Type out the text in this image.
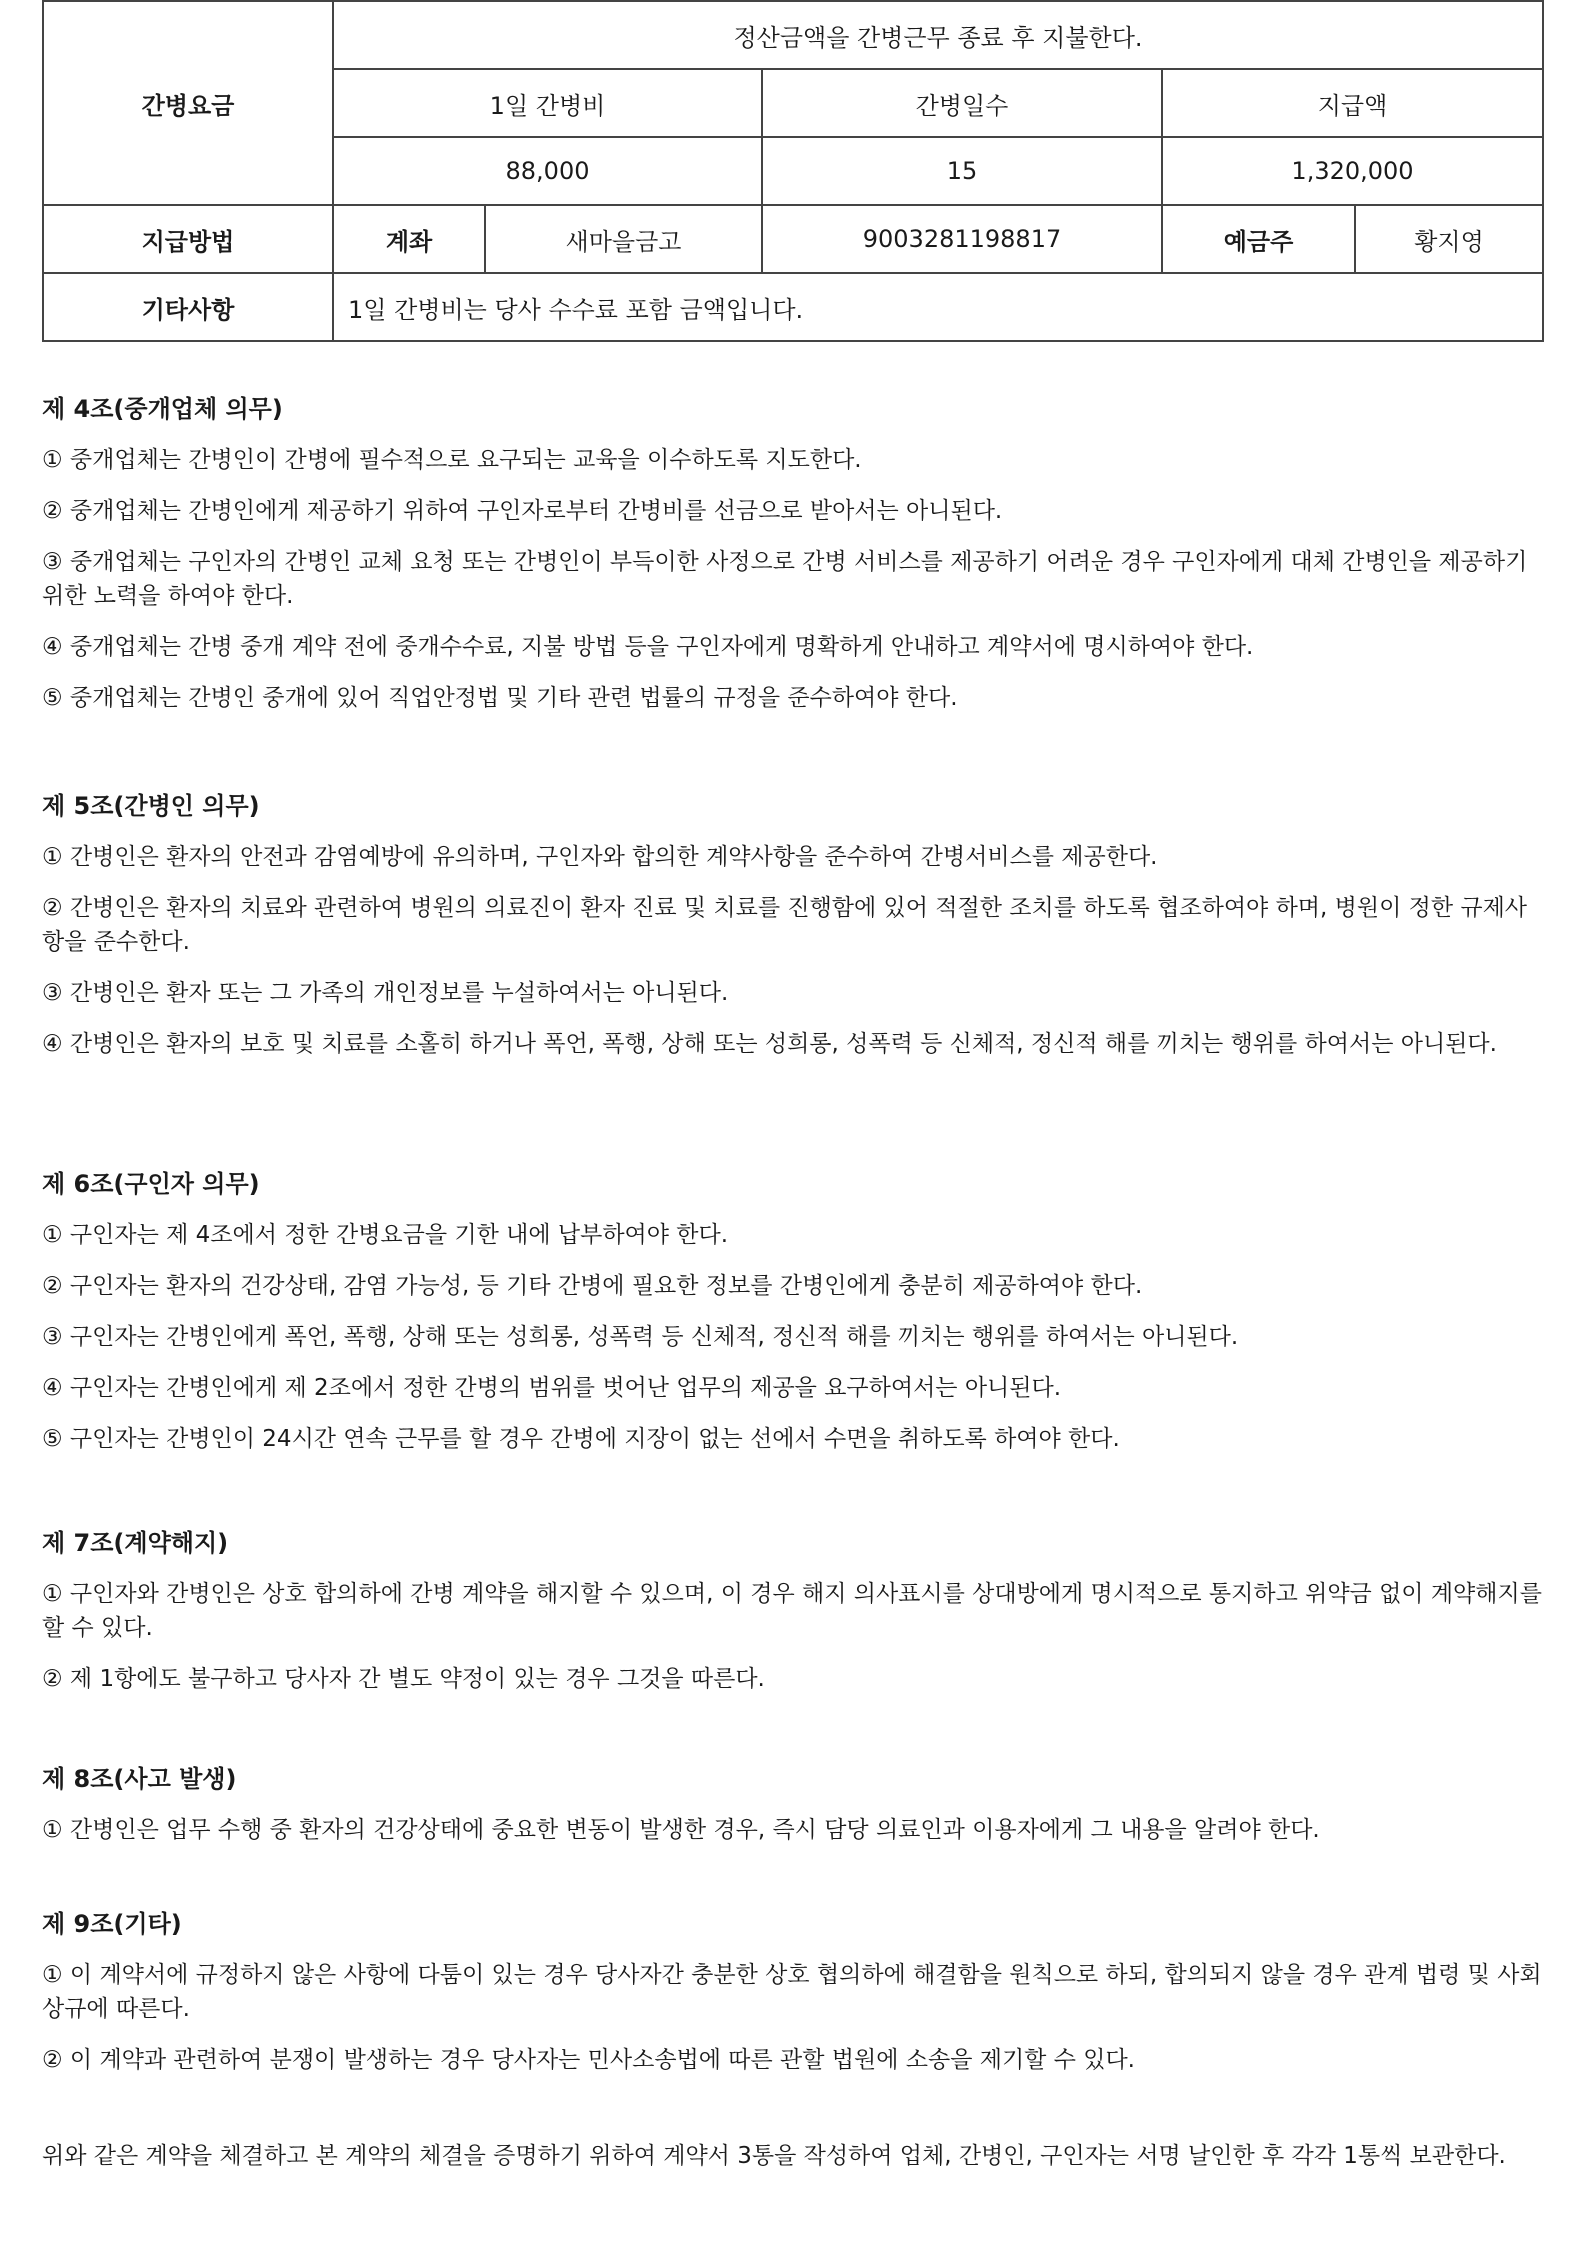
간병요금	정산금액을 간병근무 종료 후 지불한다.				
	1일 간병비		간병일수	지급액	
	88,000		15	1,320,000	
지급방법	계좌	새마을금고	9003281198817	예금주	황지영
기타사항	1일 간병비는 당사 수수료 포함 금액입니다.				

제 4조(중개업체 의무)

① 중개업체는 간병인이 간병에 필수적으로 요구되는 교육을 이수하도록 지도한다.

② 중개업체는 간병인에게 제공하기 위하여 구인자로부터 간병비를 선금으로 받아서는 아니된다.

③ 중개업체는 구인자의 간병인 교체 요청 또는 간병인이 부득이한 사정으로 간병 서비스를 제공하기 어려운 경우 구인자에게 대체 간병인을 제공하기 위한 노력을 하여야 한다.

④ 중개업체는 간병 중개 계약 전에 중개수수료, 지불 방법 등을 구인자에게 명확하게 안내하고 계약서에 명시하여야 한다.

⑤ 중개업체는 간병인 중개에 있어 직업안정법 및 기타 관련 법률의 규정을 준수하여야 한다.

제 5조(간병인 의무)

① 간병인은 환자의 안전과 감염예방에 유의하며, 구인자와 합의한 계약사항을 준수하여 간병서비스를 제공한다.

② 간병인은 환자의 치료와 관련하여 병원의 의료진이 환자 진료 및 치료를 진행함에 있어 적절한 조치를 하도록 협조하여야 하며, 병원이 정한 규제사항을 준수한다.

③ 간병인은 환자 또는 그 가족의 개인정보를 누설하여서는 아니된다.

④ 간병인은 환자의 보호 및 치료를 소홀히 하거나 폭언, 폭행, 상해 또는 성희롱, 성폭력 등 신체적, 정신적 해를 끼치는 행위를 하여서는 아니된다.

제 6조(구인자 의무)

① 구인자는 제 4조에서 정한 간병요금을 기한 내에 납부하여야 한다.

② 구인자는 환자의 건강상태, 감염 가능성, 등 기타 간병에 필요한 정보를 간병인에게 충분히 제공하여야 한다.

③ 구인자는 간병인에게 폭언, 폭행, 상해 또는 성희롱, 성폭력 등 신체적, 정신적 해를 끼치는 행위를 하여서는 아니된다.

④ 구인자는 간병인에게 제 2조에서 정한 간병의 범위를 벗어난 업무의 제공을 요구하여서는 아니된다.

⑤ 구인자는 간병인이 24시간 연속 근무를 할 경우 간병에 지장이 없는 선에서 수면을 취하도록 하여야 한다.

제 7조(계약해지)

① 구인자와 간병인은 상호 합의하에 간병 계약을 해지할 수 있으며, 이 경우 해지 의사표시를 상대방에게 명시적으로 통지하고 위약금 없이 계약해지를 할 수 있다.

② 제 1항에도 불구하고 당사자 간 별도 약정이 있는 경우 그것을 따른다.

제 8조(사고 발생)

① 간병인은 업무 수행 중 환자의 건강상태에 중요한 변동이 발생한 경우, 즉시 담당 의료인과 이용자에게 그 내용을 알려야 한다.

제 9조(기타)

① 이 계약서에 규정하지 않은 사항에 다툼이 있는 경우 당사자간 충분한 상호 협의하에 해결함을 원칙으로 하되, 합의되지 않을 경우 관계 법령 및 사회상규에 따른다.

② 이 계약과 관련하여 분쟁이 발생하는 경우 당사자는 민사소송법에 따른 관할 법원에 소송을 제기할 수 있다.

위와 같은 계약을 체결하고 본 계약의 체결을 증명하기 위하여 계약서 3통을 작성하여 업체, 간병인, 구인자는 서명 날인한 후 각각 1통씩 보관한다.
